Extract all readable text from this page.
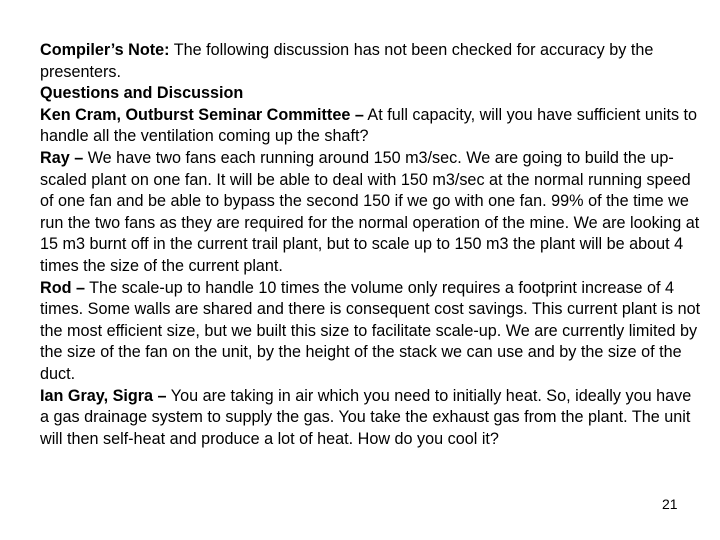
Compiler’s Note: The following discussion has not been checked for accuracy by the presenters.

Questions and Discussion

Ken Cram, Outburst Seminar Committee – At full capacity, will you have sufficient units to handle all the ventilation coming up the shaft?

Ray – We have two fans each running around 150 m3/sec. We are going to build the up-scaled plant on one fan. It will be able to deal with 150 m3/sec at the normal running speed of one fan and be able to bypass the second 150 if we go with one fan. 99% of the time we run the two fans as they are required for the normal operation of the mine. We are looking at 15 m3 burnt off in the current trail plant, but to scale up to 150 m3 the plant will be about 4 times the size of the current plant.

Rod – The scale-up to handle 10 times the volume only requires a footprint increase of 4 times. Some walls are shared and there is consequent cost savings. This current plant is not the most efficient size, but we built this size to facilitate scale-up. We are currently limited by the size of the fan on the unit, by the height of the stack we can use and by the size of the duct.

Ian Gray, Sigra – You are taking in air which you need to initially heat. So, ideally you have a gas drainage system to supply the gas. You take the exhaust gas from the plant. The unit will then self-heat and produce a lot of heat. How do you cool it?

21
